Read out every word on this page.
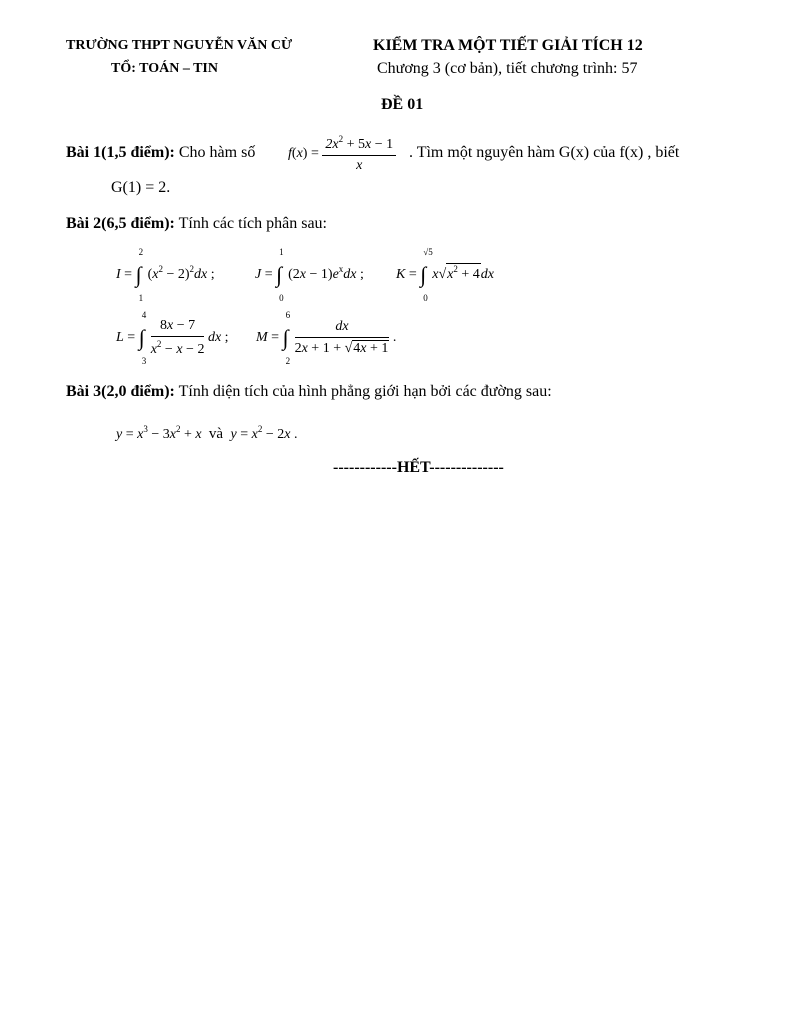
TRƯỜNG THPT NGUYỄN VĂN CỪ
TỔ: TOÁN – TIN
KIỂM TRA MỘT TIẾT GIẢI TÍCH 12
Chương 3 (cơ bản), tiết chương trình: 57
ĐỀ 01
Bài 1(1,5 điểm): Cho hàm số $f(x) = \frac{2x^2 + 5x - 1}{x}$ . Tìm một nguyên hàm G(x) của f(x) , biết
G(1) = 2.
Bài 2(6,5 điểm): Tính các tích phân sau:
I =
2
∫
1
$(x^2 - 2)^2dx$ ;	J =
1
∫
0
$(2x - 1)e^xdx$ ; K =
√5
∫
0
$x√x^2 + 4dx$
L =
4
∫
3
$\frac{8x - 7}{x^2 - x - 2}$ dx ; M =
6
∫
2
$\frac{dx}{2x + 1 + √4x + 1}$ .
Bài 3(2,0 điểm): Tính diện tích của hình phẳng giới hạn bởi các đường sau:
$y = x^3 - 3x^2 + x$  và  $y = x^2 - 2x$ .
------------HẾT--------------
